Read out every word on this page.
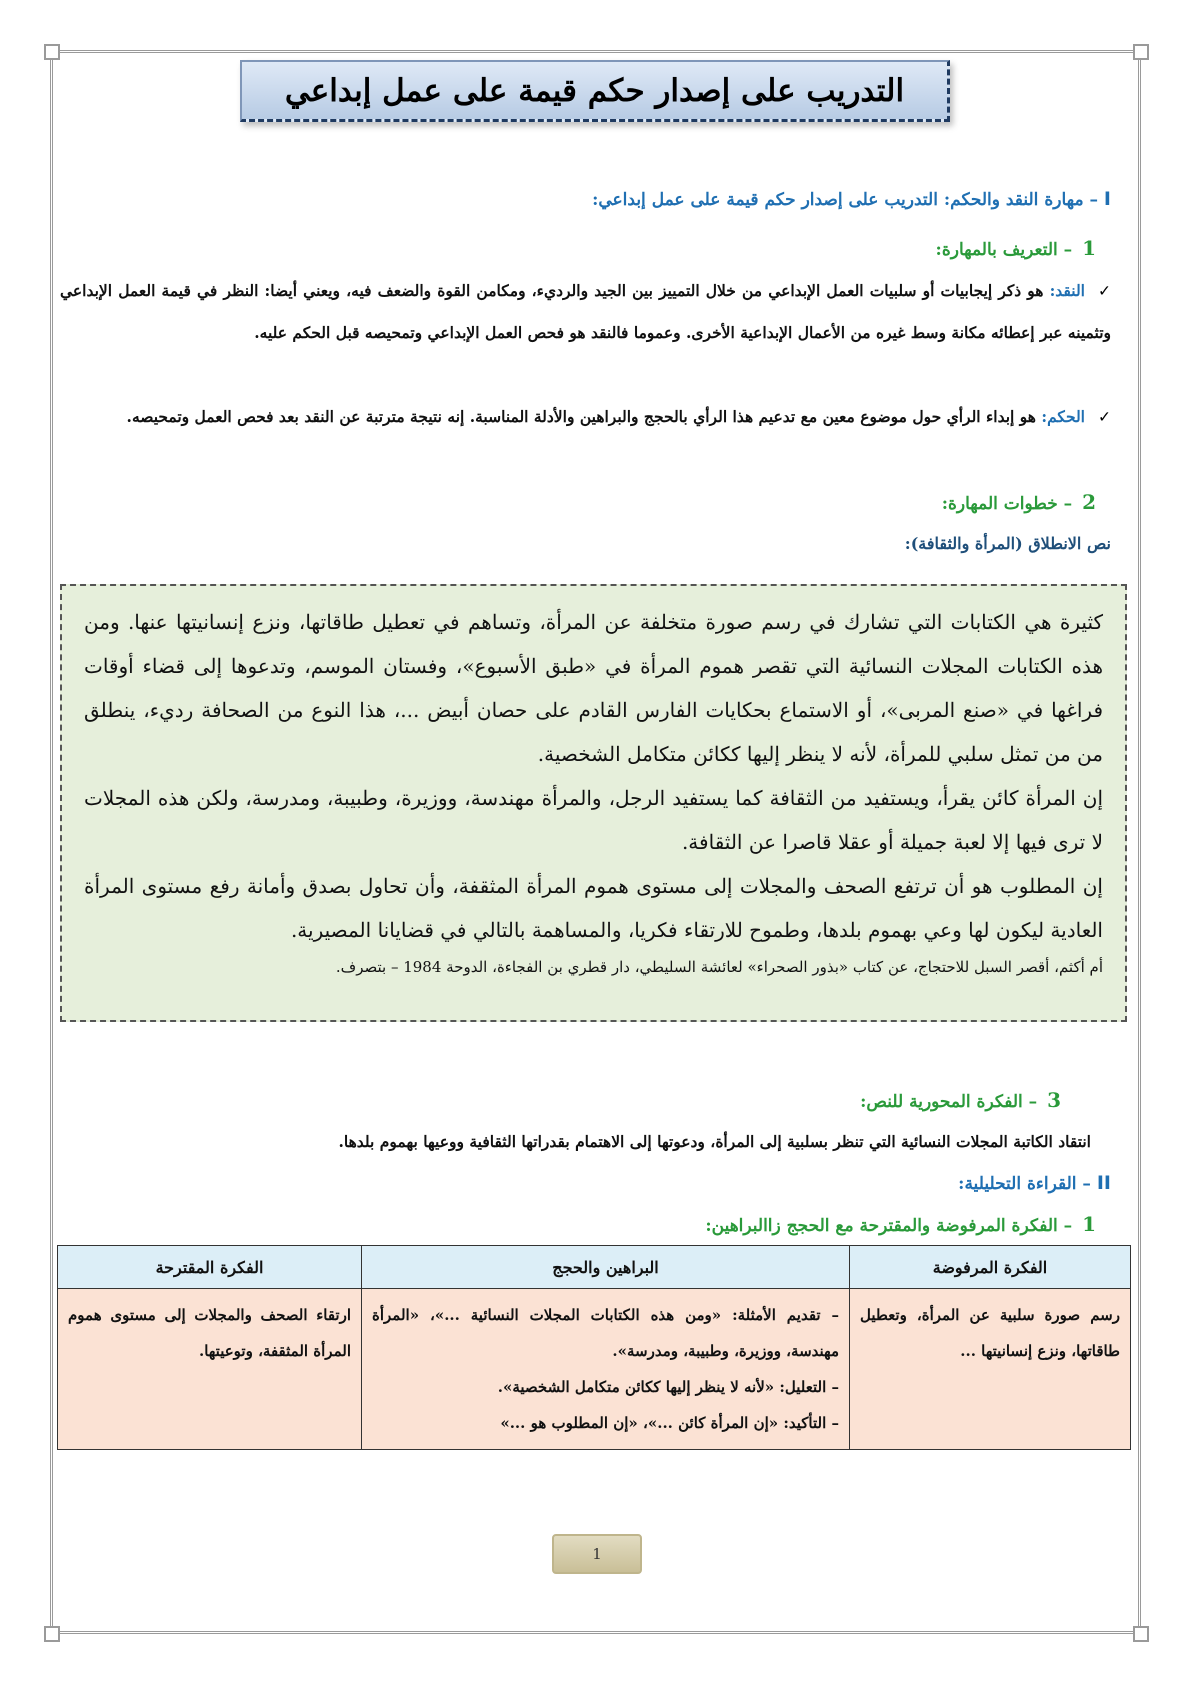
التدريب على إصدار حكم قيمة على عمل إبداعي
I – مهارة النقد والحكم: التدريب على إصدار حكم قيمة على عمل إبداعي:
1 – التعريف بالمهارة:
✓النقد: هو ذكر إيجابيات أو سلبيات العمل الإبداعي من خلال التمييز بين الجيد والرديء، ومكامن القوة والضعف فيه، ويعني أيضا: النظر في قيمة العمل الإبداعي وتثمينه عبر إعطائه مكانة وسط غيره من الأعمال الإبداعية الأخرى. وعموما فالنقد هو فحص العمل الإبداعي وتمحيصه قبل الحكم عليه.
✓الحكم: هو إبداء الرأي حول موضوع معين مع تدعيم هذا الرأي بالحجج والبراهين والأدلة المناسبة. إنه نتيجة مترتبة عن النقد بعد فحص العمل وتمحيصه.
2 – خطوات المهارة:
نص الانطلاق (المرأة والثقافة):

كثيرة هي الكتابات التي تشارك في رسم صورة متخلفة عن المرأة، وتساهم في تعطيل طاقاتها، ونزع إنسانيتها عنها. ومن هذه الكتابات المجلات النسائية التي تقصر هموم المرأة في «طبق الأسبوع»، وفستان الموسم، وتدعوها إلى قضاء أوقات فراغها في «صنع المربى»، أو الاستماع بحكايات الفارس القادم على حصان أبيض ...، هذا النوع من الصحافة رديء، ينطلق من من تمثل سلبي للمرأة، لأنه لا ينظر إليها ككائن متكامل الشخصية.

إن المرأة كائن يقرأ، ويستفيد من الثقافة كما يستفيد الرجل، والمرأة مهندسة، ووزيرة، وطبيبة، ومدرسة، ولكن هذه المجلات لا ترى فيها إلا لعبة جميلة أو عقلا قاصرا عن الثقافة.

إن المطلوب هو أن ترتفع الصحف والمجلات إلى مستوى هموم المرأة المثقفة، وأن تحاول بصدق وأمانة رفع مستوى المرأة العادية ليكون لها وعي بهموم بلدها، وطموح للارتقاء فكريا، والمساهمة بالتالي في قضايانا المصيرية.

أم أكثم، أقصر السبل للاحتجاج، عن كتاب «بذور الصحراء» لعائشة السليطي، دار قطري بن الفجاءة، الدوحة 1984 – بتصرف.

3 – الفكرة المحورية للنص:
انتقاد الكاتبة المجلات النسائية التي تنظر بسلبية إلى المرأة، ودعوتها إلى الاهتمام بقدراتها الثقافية ووعيها بهموم بلدها.
II – القراءة التحليلية:
1 – الفكرة المرفوضة والمقترحة مع الحجج زاالبراهين:
الفكرة المرفوضة	البراهين والحجج	الفكرة المقترحة
رسم صورة سلبية عن المرأة، وتعطيل طاقاتها، ونزع إنسانيتها ...	– تقديم الأمثلة: «ومن هذه الكتابات المجلات النسائية ...»، «المرأة مهندسة، ووزيرة، وطبيبة، ومدرسة».
– التعليل: «لأنه لا ينظر إليها ككائن متكامل الشخصية».
– التأكيد: «إن المرأة كائن ...»، «إن المطلوب هو ...»	ارتقاء الصحف والمجلات إلى مستوى هموم المرأة المثقفة، وتوعيتها.
1
